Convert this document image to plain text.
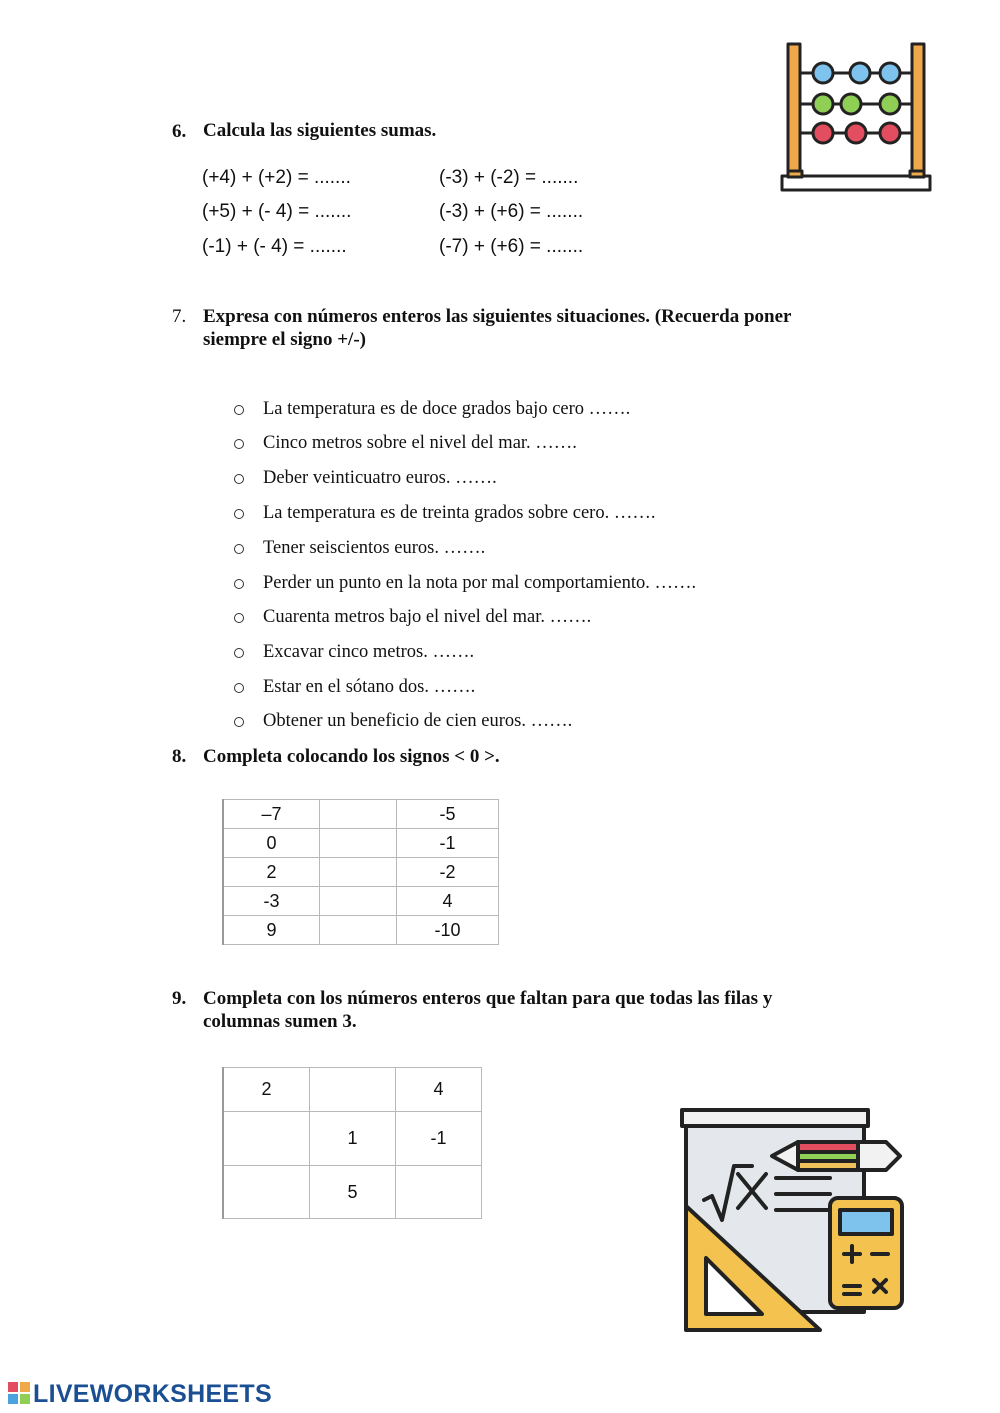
6. Calcula las siguientes sumas.
(+4) + (+2) = .......
(+5) + (- 4) = .......
(-1) + (- 4) = .......
(-3) + (-2) = .......
(-3) + (+6) = .......
(-7) + (+6) = .......
7. Expresa con números enteros las siguientes situaciones. (Recuerda poner
siempre el signo +/-)
La temperatura es de doce grados bajo cero …….
Cinco metros sobre el nivel del mar. …….
Deber veinticuatro euros. …….
La temperatura es de treinta grados sobre cero. …….
Tener seiscientos euros. …….
Perder un punto en la nota por mal comportamiento. …….
Cuarenta metros bajo el nivel del mar. …….
Excavar cinco metros. …….
Estar en el sótano dos. …….
Obtener un beneficio de cien euros. …….
8. Completa colocando los signos < 0 >.
–7		-5
0		-1
2		-2
-3		4
9		-10
9. Completa con los números enteros que faltan para que todas las filas y
columnas sumen 3.
2		4
	1	-1
	5	
LIVEWORKSHEETS
